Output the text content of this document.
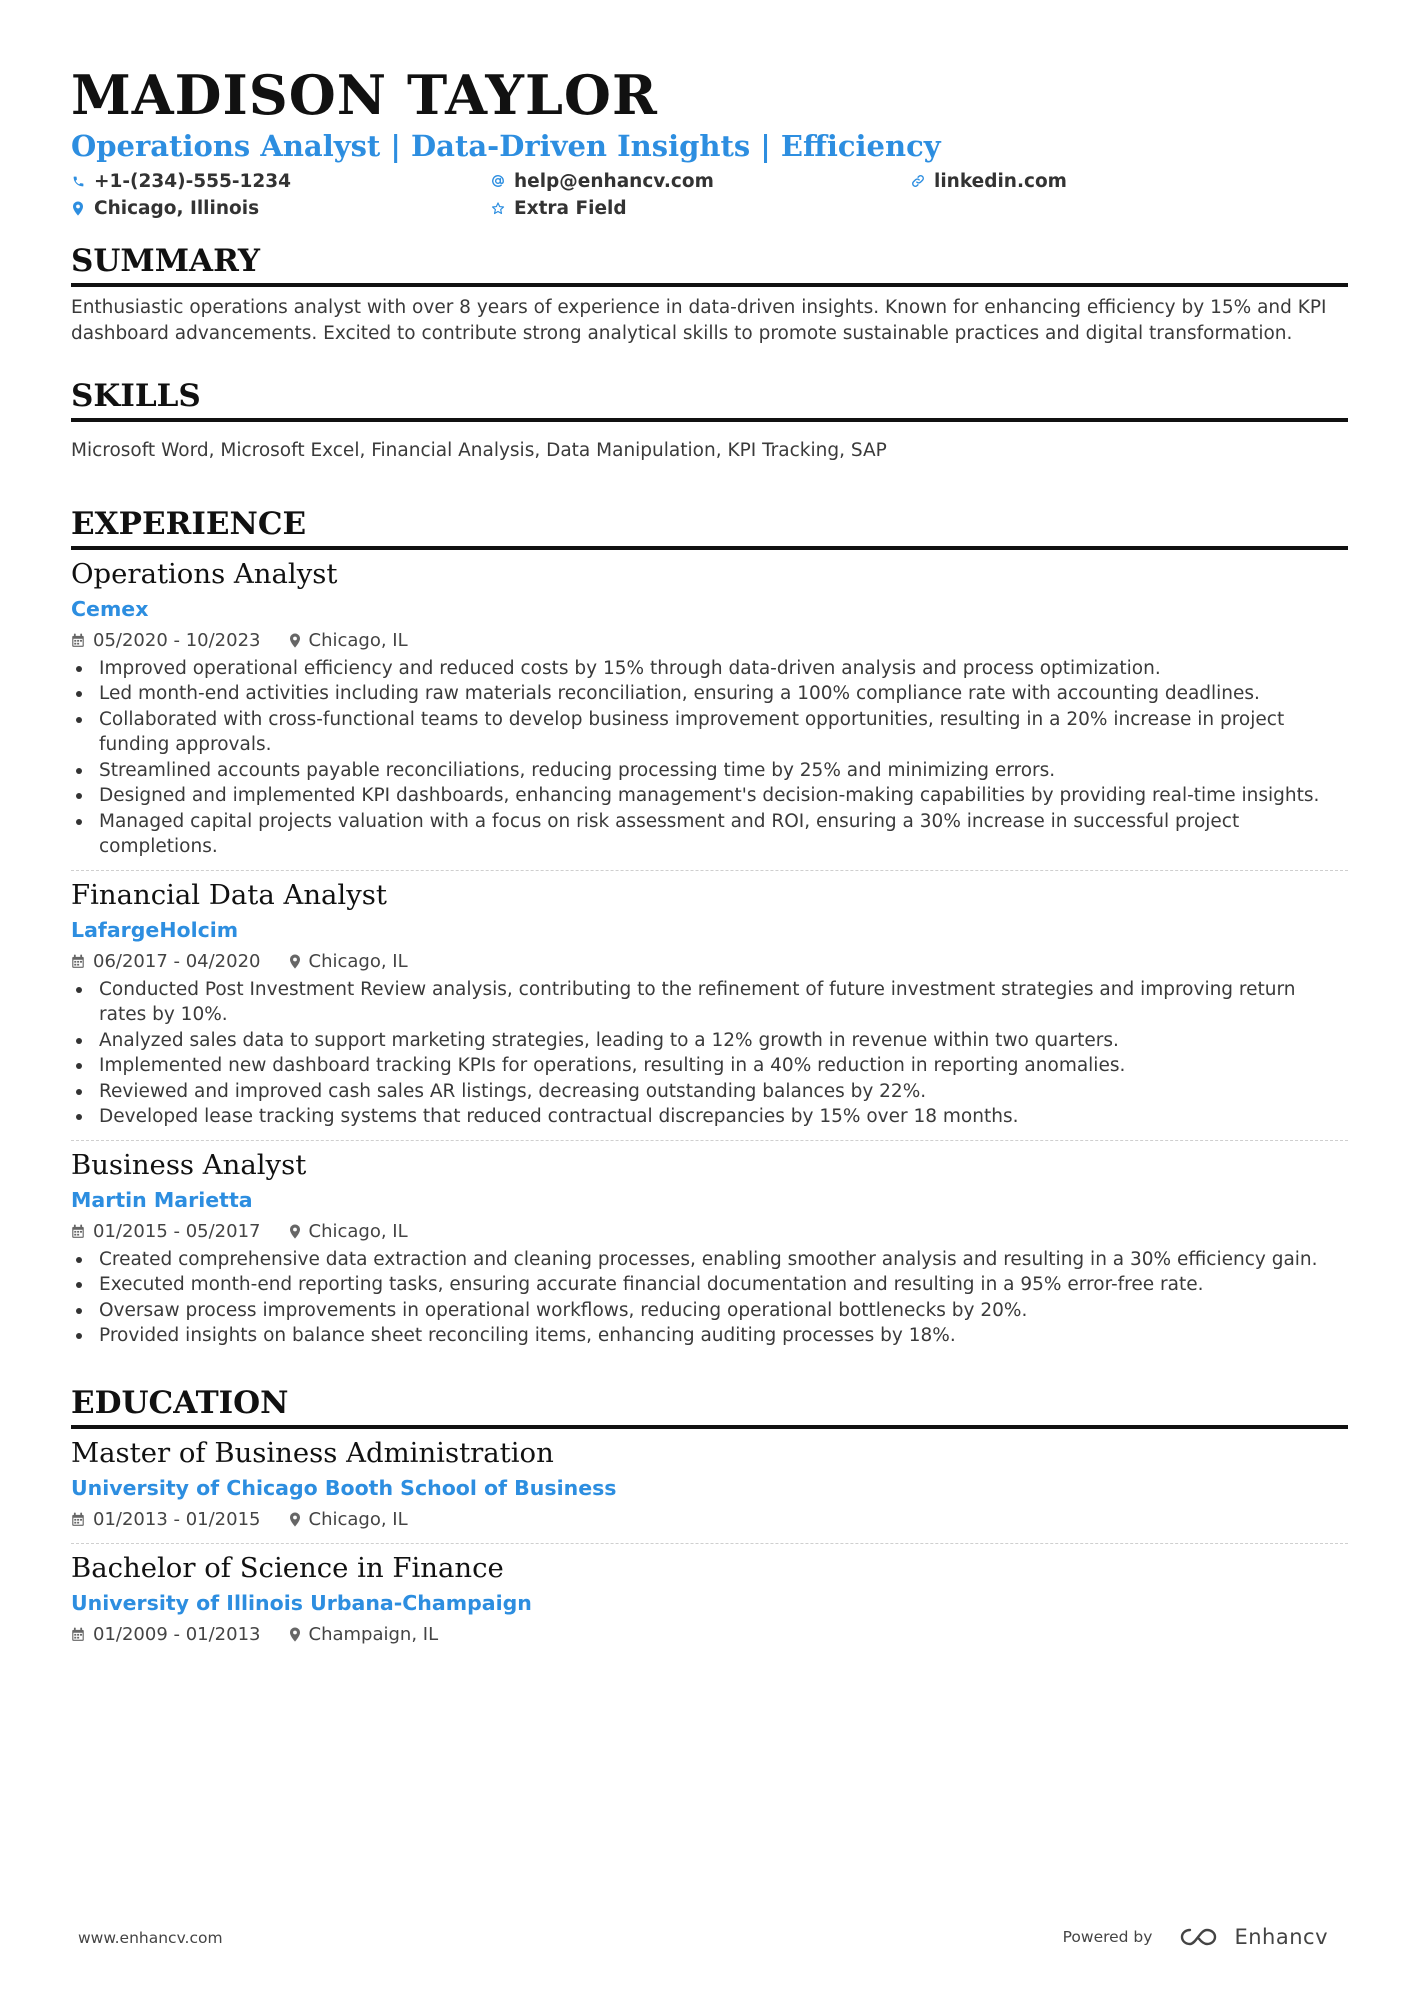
MADISON TAYLOR
Operations Analyst | Data-Driven Insights | Efficiency
+1-(234)-555-1234	help@enhancv.com	linkedin.com
Chicago, Illinois	Extra Field
SUMMARY
Enthusiastic operations analyst with over 8 years of experience in data-driven insights. Known for enhancing efficiency by 15% and KPI dashboard advancements. Excited to contribute strong analytical skills to promote sustainable practices and digital transformation.
SKILLS
Microsoft Word, Microsoft Excel, Financial Analysis, Data Manipulation, KPI Tracking, SAP
EXPERIENCE
Operations Analyst
Cemex
05/2020 - 10/2023	Chicago, IL
Improved operational efficiency and reduced costs by 15% through data-driven analysis and process optimization.
Led month-end activities including raw materials reconciliation, ensuring a 100% compliance rate with accounting deadlines.
Collaborated with cross-functional teams to develop business improvement opportunities, resulting in a 20% increase in project funding approvals.
Streamlined accounts payable reconciliations, reducing processing time by 25% and minimizing errors.
Designed and implemented KPI dashboards, enhancing management's decision-making capabilities by providing real-time insights.
Managed capital projects valuation with a focus on risk assessment and ROI, ensuring a 30% increase in successful project completions.
Financial Data Analyst
LafargeHolcim
06/2017 - 04/2020	Chicago, IL
Conducted Post Investment Review analysis, contributing to the refinement of future investment strategies and improving return rates by 10%.
Analyzed sales data to support marketing strategies, leading to a 12% growth in revenue within two quarters.
Implemented new dashboard tracking KPIs for operations, resulting in a 40% reduction in reporting anomalies.
Reviewed and improved cash sales AR listings, decreasing outstanding balances by 22%.
Developed lease tracking systems that reduced contractual discrepancies by 15% over 18 months.
Business Analyst
Martin Marietta
01/2015 - 05/2017	Chicago, IL
Created comprehensive data extraction and cleaning processes, enabling smoother analysis and resulting in a 30% efficiency gain.
Executed month-end reporting tasks, ensuring accurate financial documentation and resulting in a 95% error-free rate.
Oversaw process improvements in operational workflows, reducing operational bottlenecks by 20%.
Provided insights on balance sheet reconciling items, enhancing auditing processes by 18%.
EDUCATION
Master of Business Administration
University of Chicago Booth School of Business
01/2013 - 01/2015	Chicago, IL
Bachelor of Science in Finance
University of Illinois Urbana-Champaign
01/2009 - 01/2013	Champaign, IL
www.enhancv.com	Powered by	Enhancv
